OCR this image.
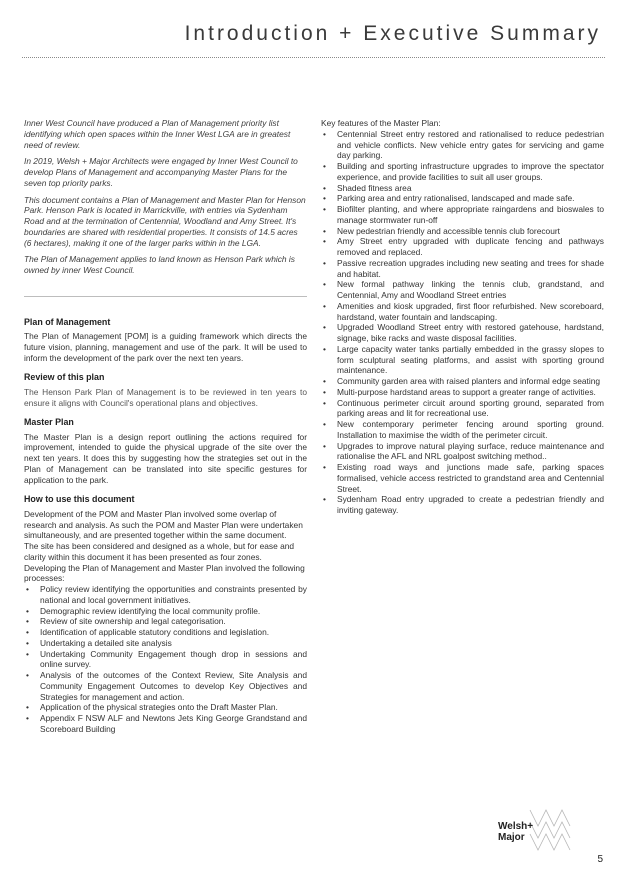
Introduction + Executive Summary

Inner West Council have produced a Plan of Management priority list identifying which open spaces within the Inner West LGA are in greatest need of review.

In 2019, Welsh + Major Architects were engaged by Inner West Council to develop Plans of Management and accompanying Master Plans for the seven top priority parks.

This document contains a Plan of Management and Master Plan for Henson Park. Henson Park is located in Marrickville, with entries via Sydenham Road and at the termination of Centennial, Woodland and Amy Street. It's boundaries are shared with residential properties. It consists of 14.5 acres (6 hectares), making it one of the larger parks within in the LGA.

The Plan of Management applies to land known as Henson Park which is owned by inner West Council.

Plan of Management

The Plan of Management [POM] is a guiding framework which directs the future vision, planning, management and use of the park. It will be used to inform the development of the park over the next ten years.

Review of this plan

The Henson Park Plan of Management is to be reviewed in ten years to ensure it aligns with Council's operational plans and objectives.

Master Plan

The Master Plan is a design report outlining the actions required for improvement, intended to guide the physical upgrade of the site over the next ten years. It does this by suggesting how the strategies set out in the Plan of Management can be translated into site specific gestures for application to the park.

How to use this document

Development of the POM and Master Plan involved some overlap of research and analysis. As such the POM and Master Plan were undertaken simultaneously, and are presented together within the same document.

The site has been considered and designed as a whole, but for ease and clarity within this document it has been presented as four zones.

Developing the Plan of Management and Master Plan involved the following processes:

• Policy review identifying the opportunities and constraints presented by national and local government initiatives.
• Demographic review identifying the local community profile.
• Review of site ownership and legal categorisation.
• Identification of applicable statutory conditions and legislation.
• Undertaking a detailed site analysis
• Undertaking Community Engagement though drop in sessions and online survey.
• Analysis of the outcomes of the Context Review, Site Analysis and Community Engagement Outcomes to develop Key Objectives and Strategies for management and action.
• Application of the physical strategies onto the Draft Master Plan.
• Appendix F NSW ALF and Newtons Jets King George Grandstand and Scoreboard Building

Key features of the Master Plan:

• Centennial Street entry restored and rationalised to reduce pedestrian and vehicle conflicts. New vehicle entry gates for servicing and game day parking.
• Building and sporting infrastructure upgrades to improve the spectator experience, and provide facilities to suit all user groups.
• Shaded fitness area
• Parking area and entry rationalised, landscaped and made safe.
• Biofilter planting, and where appropriate raingardens and bioswales to manage stormwater run-off
• New pedestrian friendly and accessible tennis club forecourt
• Amy Street entry upgraded with duplicate fencing and pathways removed and replaced.
• Passive recreation upgrades including new seating and trees for shade and habitat.
• New formal pathway linking the tennis club, grandstand, and Centennial, Amy and Woodland Street entries
• Amenities and kiosk upgraded, first floor refurbished. New scoreboard, hardstand, water fountain and landscaping.
• Upgraded Woodland Street entry with restored gatehouse, hardstand, signage, bike racks and waste disposal facilities.
• Large capacity water tanks partially embedded in the grassy slopes to form sculptural seating platforms, and assist with sporting ground maintenance.
• Community garden area with raised planters and informal edge seating
• Multi-purpose hardstand areas to support a greater range of activities.
• Continuous perimeter circuit around sporting ground, separated from parking areas and lit for recreational use.
• New contemporary perimeter fencing around sporting ground. Installation to maximise the width of the perimeter circuit.
• Upgrades to improve natural playing surface, reduce maintenance and rationalise the AFL and NRL goalpost switching method..
• Existing road ways and junctions made safe, parking spaces formalised, vehicle access restricted to grandstand area and Centennial Street.
• Sydenham Road entry upgraded to create a pedestrian friendly and inviting gateway.
Welsh+
Major
5
